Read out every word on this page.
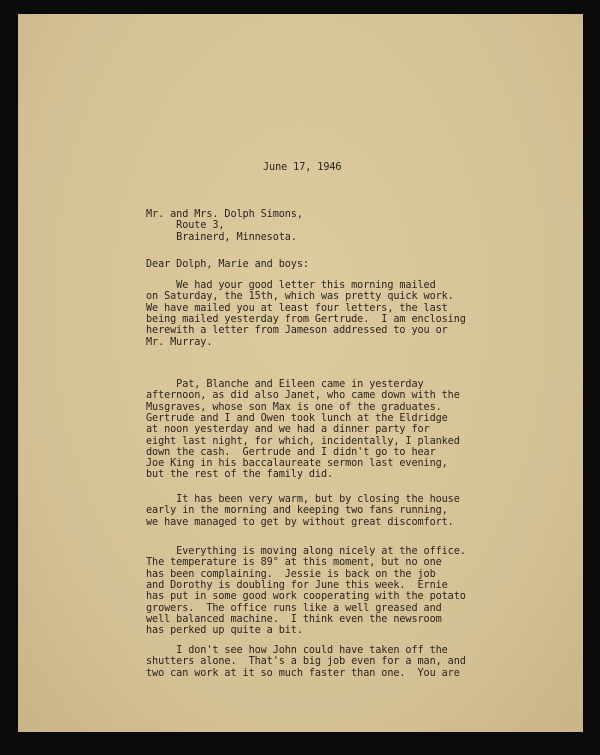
June 17, 1946
Mr. and Mrs. Dolph Simons,
Route 3,
Brainerd, Minnesota.
Dear Dolph, Marie and boys:
We had your good letter this morning mailed
on Saturday, the 15th, which was pretty quick work.
We have mailed you at least four letters, the last
being mailed yesterday from Gertrude.  I am enclosing
herewith a letter from Jameson addressed to you or
Mr. Murray.
Pat, Blanche and Eileen came in yesterday
afternoon, as did also Janet, who came down with the
Musgraves, whose son Max is one of the graduates.
Gertrude and I and Owen took lunch at the Eldridge
at noon yesterday and we had a dinner party for
eight last night, for which, incidentally, I planked
down the cash.  Gertrude and I didn't go to hear
Joe King in his baccalaureate sermon last evening,
but the rest of the family did.
It has been very warm, but by closing the house
early in the morning and keeping two fans running,
we have managed to get by without great discomfort.
Everything is moving along nicely at the office.
The temperature is 89° at this moment, but no one
has been complaining.  Jessie is back on the job
and Dorothy is doubling for June this week.  Ernie
has put in some good work cooperating with the potato
growers.  The office runs like a well greased and
well balanced machine.  I think even the newsroom
has perked up quite a bit.
I don't see how John could have taken off the
shutters alone.  That's a big job even for a man, and
two can work at it so much faster than one.  You are
